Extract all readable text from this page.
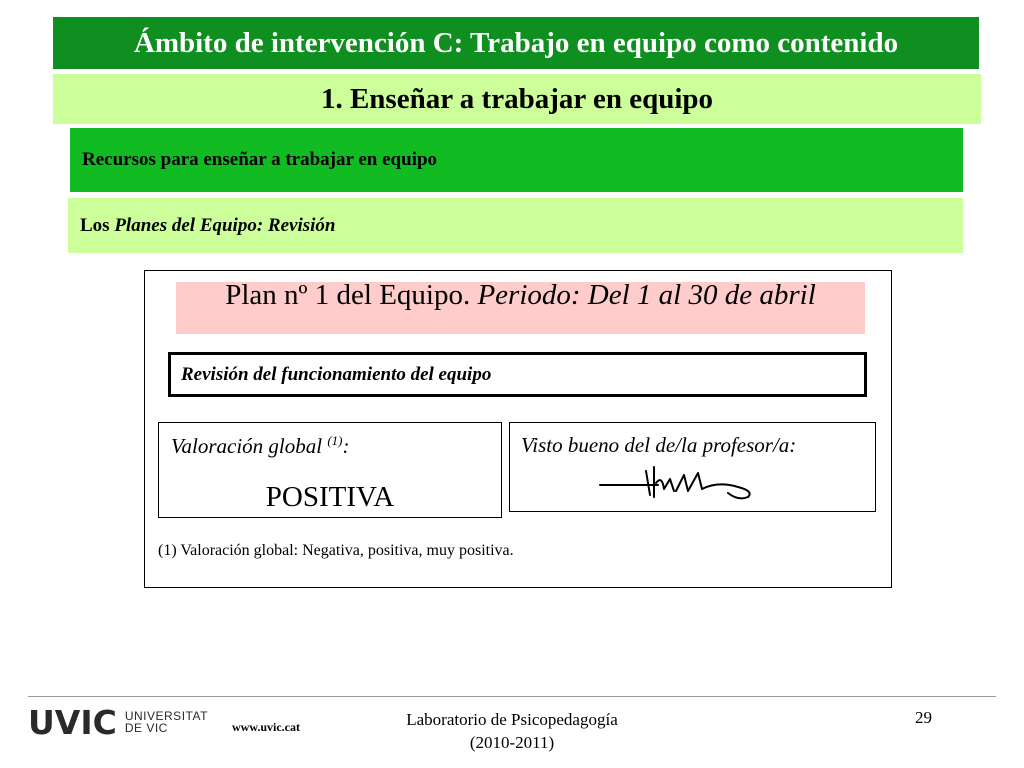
Ámbito de intervención C: Trabajo en equipo como contenido
1. Enseñar a trabajar en equipo
Recursos para enseñar a trabajar en equipo
Los
Planes del Equipo: Revisión
Plan nº 1 del Equipo. Periodo: Del 1 al 30 de abril
Revisión del funcionamiento del equipo
Valoración global $^{(1)}$:
POSITIVA
Visto bueno del de/la profesor/a:
(1) Valoración global: Negativa, positiva, muy positiva.
UVIC UNIVERSITAT
DE VIC	www.uvic.cat	Laboratorio de Psicopedagogía
(2010-2011)
29
